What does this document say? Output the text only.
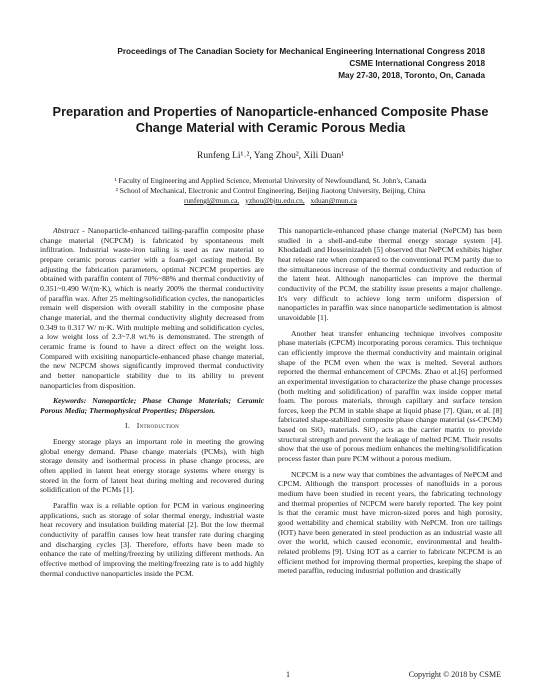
Proceedings of The Canadian Society for Mechanical Engineering International Congress 2018
CSME International Congress 2018
May 27-30, 2018, Toronto, On, Canada
Preparation and Properties of Nanoparticle-enhanced Composite Phase Change Material with Ceramic Porous Media
Runfeng Li¹˒², Yang Zhou², Xili Duan¹
¹ Faculty of Engineering and Applied Science, Memorial University of Newfoundland, St. John's, Canada
² School of Mechanical, Electronic and Control Engineering, Beijing Jiaotong University, Beijing, China
runfengl@mun.ca, yzhou@bjtu.edu.cn, xduan@mun.ca

Abstract - Nanoparticle-enhanced tailing-paraffin composite phase change material (NCPCM) is fabricated by spontaneous melt infiltration. Industrial waste-iron tailing is used as raw material to prepare ceramic porous carrier with a foam-gel casting method. By adjusting the fabrication parameters, optimal NCPCM properties are obtained with paraffin content of 70%~88% and thermal conductivity of 0.351~0.490 W/(m·K), which is nearly 200% the thermal conductivity of paraffin wax. After 25 melting/solidification cycles, the nanoparticles remain well dispersion with overall stability in the composite phase change material, and the thermal conductivity slightly decreased from 0.349 to 0.317 W/ m·K. With multiple melting and solidification cycles, a low weight loss of 2.3~7.8 wt.% is demonstrated. The strength of ceramic frame is found to have a direct effect on the weight loss. Compared with exisiting nanoparticle-enhanced phase change material, the new NCPCM shows significantly improved thermal conductivity and better nanoparticle stability due to its ability to prevent nanoparticles from disposition.

Keywords: Nanoparticle; Phase Change Materials; Ceramic Porous Media; Thermophysical Properties; Dispersion.

I. Introduction

Energy storage plays an important role in meeting the growing global energy demand. Phase change materials (PCMs), with high storage density and isothermal process in phase change process, are often applied in latent heat energy storage systems where energy is stored in the form of latent heat during melting and recovered during solidification of the PCMs [1].

Paraffin wax is a reliable option for PCM in various engineering applications, such as storage of solar thermal energy, industrial waste heat recovery and insulation building material [2]. But the low thermal conductivity of paraffin causes low heat transfer rate during charging and discharging cycles [3]. Therefore, efforts have been made to enhance the rate of melting/freezing by utilizing different methods. An effective method of improving the melting/freezing rate is to add highly thermal conductive nanoparticles inside the PCM.

This nanoparticle-enhanced phase change material (NePCM) has been studied in a shell-and-tube thermal energy storage system [4]. Khodadadi and Hosseinizadeh [5] observed that NePCM exhibits higher heat release rate when compared to the conventional PCM partly due to the simultaneous increase of the thermal conductivity and reduction of the latent heat. Although nanoparticles can improve the thermal conductivity of the PCM, the stability issue presents a major challenge. It's very difficult to achieve long term uniform dispersion of nanoparticles in paraffin wax since nanoparticle sedimentation is almost unavoidable [1].

Another heat transfer enhancing technique involves composite phase materials (CPCM) incorporating porous ceramics. This technique can efficiently improve the thermal conductivity and maintain original shape of the PCM even when the wax is melted. Several authors reported the thermal enhancement of CPCMs. Zhao et al.[6] performed an experimental investigation to characterize the phase change processes (both melting and solidification) of paraffin wax inside copper metal foam. The porous materials, through capillary and surface tension forces, keep the PCM in stable shape at liquid phase [7]. Qian, et al. [8] fabricated shape-stabilized composite phase change material (ss-CPCM) based on SiO₂ materials. SiO₂ acts as the carrier matrix to provide structural strength and prevent the leakage of melted PCM. Their results show that the use of porous medium enhances the melting/solidification process faster than pure PCM without a porous medium.

NCPCM is a new way that combines the advantages of NePCM and CPCM. Although the transport processes of nanofluids in a porous medium have been studied in recent years, the fabricating technology and thermal properties of NCPCM were barely reported. The key point is that the ceramic must have micron-sized pores and high porosity, good wettability and chemical stability with NePCM. Iron ore tailings (IOT) have been generated in steel production as an industrial waste all over the world, which caused economic, environmental and health-related problems [9]. Using IOT as a carrier to fabricate NCPCM is an efficient method for improving thermal properties, keeping the shape of meted paraffin, reducing industrial pollution and drastically

1	Copyright © 2018 by CSME
